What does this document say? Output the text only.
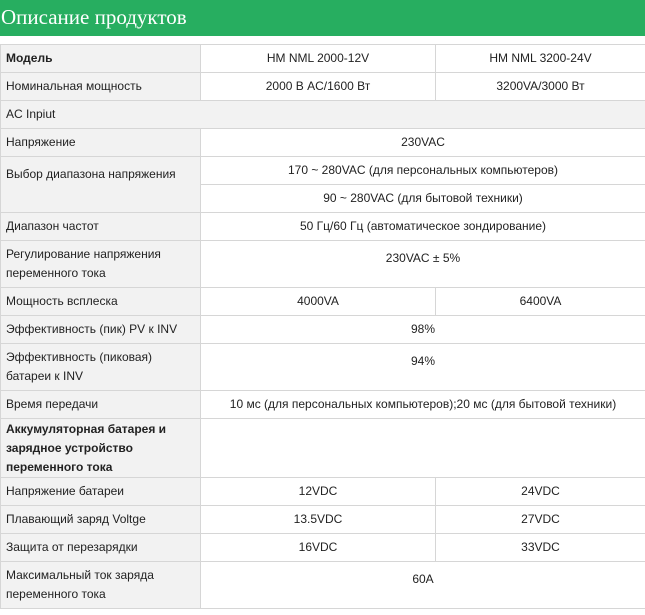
Описание продуктов
Модель	HM NML 2000-12V	HM NML 3200-24V
Номинальная мощность	2000 В AC/1600 Вт	3200VA/3000 Вт
AC Inpiut		
Напряжение	230VAC	
Выбор диапазона напряжения	170 ~ 280VAC (для персональных компьютеров)	
	90 ~ 280VAC (для бытовой техники)	
Диапазон частот	50 Гц/60 Гц (автоматическое зондирование)	
Регулирование напряжения переменного тока	230VAC ± 5%	
Мощность всплеска	4000VA	6400VA
Эффективность (пик) PV к INV	98%	
Эффективность (пиковая) батареи к INV	94%	
Время передачи	10 мс (для персональных компьютеров);20 мс (для бытовой техники)	
Аккумуляторная батарея и зарядное устройство переменного тока		
Напряжение батареи	12VDC	24VDC
Плавающий заряд Voltge	13.5VDC	27VDC
Защита от перезарядки	16VDC	33VDC
Максимальный ток заряда переменного тока	60A	
